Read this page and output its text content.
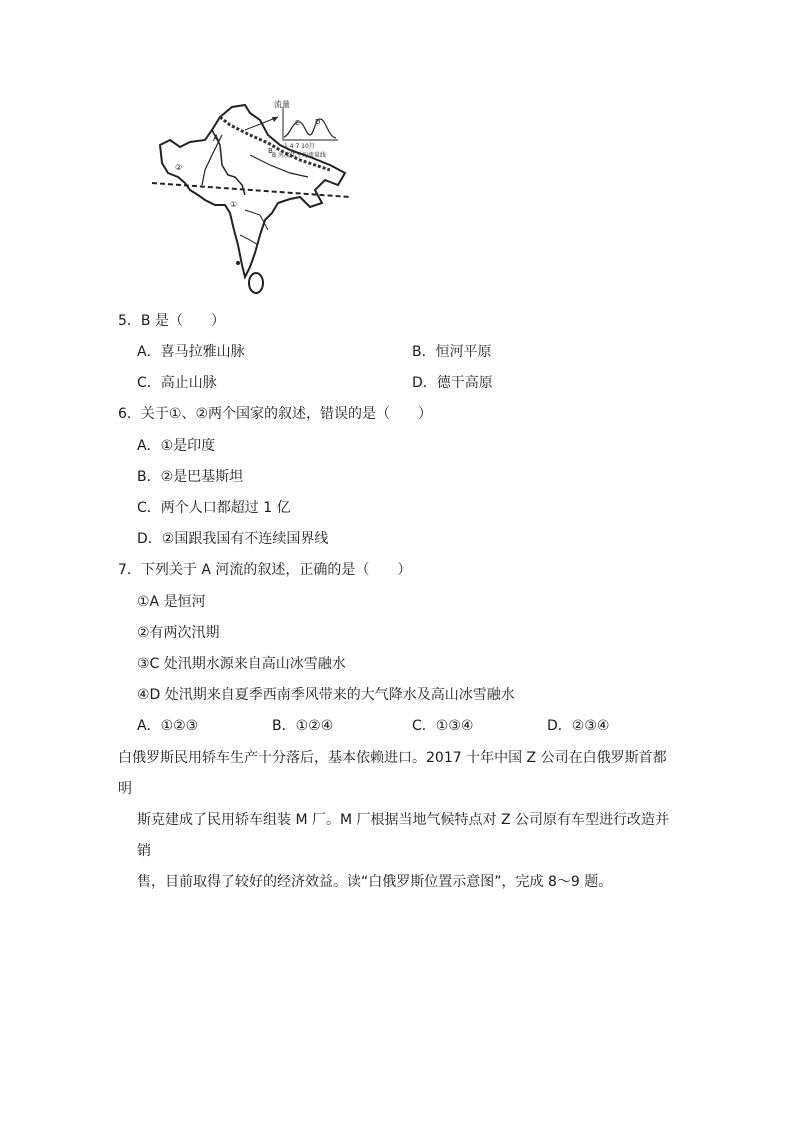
流量
C D
1 4 7 10月
B 河流年平均流量线
A
B
①
②
5．B 是（　　）
A．喜马拉雅山脉	B．恒河平原
C．高止山脉	D．德干高原
6．关于①、②两个国家的叙述，错误的是（　　）
A．①是印度
B．②是巴基斯坦
C．两个人口都超过 1 亿
D．②国跟我国有不连续国界线
7．下列关于 A 河流的叙述，正确的是（　　）
①A 是恒河
②有两次汛期
③C 处汛期水源来自高山冰雪融水
④D 处汛期来自夏季西南季风带来的大气降水及高山冰雪融水
A．①②③	B．①②④	C．①③④	D．②③④
白俄罗斯民用轿车生产十分落后，基本依赖进口。2017 十年中国 Z 公司在白俄罗斯首都明
斯克建成了民用轿车组装 M 厂。M 厂根据当地气候特点对 Z 公司原有车型进行改造并销
售，目前取得了较好的经济效益。读“白俄罗斯位置示意图”，完成 8～9 题。
